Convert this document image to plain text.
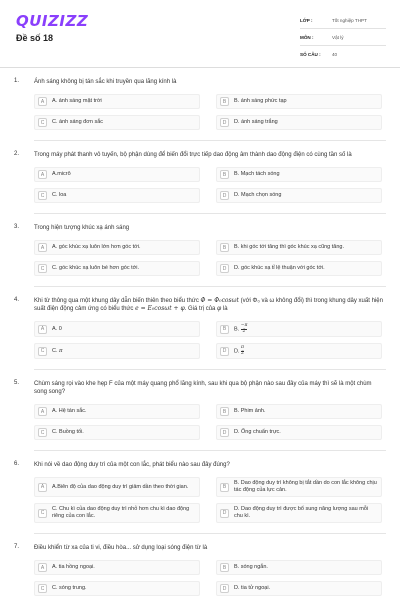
QUIZIZZ
Đề số 18
LỚP :	Tốt nghiệp THPT
MÔN :	Vật lý
SỐ CÂU :	40
1. Ánh sáng không bị tán sắc khi truyền qua lăng kính là
A	A. ánh sáng mặt trời	B	B. ánh sáng phức tạp
C	C. ánh sáng đơn sắc	D	D. ánh sáng trắng
2. Trong máy phát thanh vô tuyến, bộ phận dùng để biến đổi trực tiếp dao động âm thành dao động điện có cùng tần số là
A	A.micrô	B	B. Mạch tách sóng
C	C. loa	D	D. Mạch chọn sóng
3. Trong hiện tượng khúc xạ ánh sáng
A	A. góc khúc xạ luôn lớn hơn góc tới.	B	B. khi góc tới tăng thì góc khúc xạ cũng tăng.
C	C. góc khúc xạ luôn bé hơn góc tới.	D	D. góc khúc xạ tỉ lệ thuận với góc tới.
4. Khi từ thông qua một khung dây dẫn biến thiên theo biểu thức Φ = Φ₀cosωt (với Φ₀ và ω không đổi) thì trong khung dây xuất hiện suất điện động cảm ứng có biểu thức e = E₀cosωt + φ. Giá trị của φ là
A	A. 0	B	B. $\frac{-\pi}{2}$
C	C. π	D	D. $\frac{\pi}{2}$
5. Chùm sáng rọi vào khe hẹp F của một máy quang phổ lăng kính, sau khi qua bộ phận nào sau đây của máy thì sẽ là một chùm song song?
A	A. Hệ tán sắc.	B	B. Phim ảnh.
C	C. Buồng tối.	D	D. Ống chuẩn trực.
6. Khi nói về dao động duy trì của một con lắc, phát biểu nào sau đây đúng?
A	A.Biên độ của dao động duy trì giảm dần theo thời gian.	B
B. Dao động duy trì không bị tắt dần do con lắc không chịu tác động của lực cản.
C
C. Chu kì của dao động duy trì nhỏ hơn chu kì dao động riêng của con lắc.	D
D. Dao động duy trì được bổ sung năng lượng sau mỗi chu kì.
7. Điều khiển từ xa của ti vi, điều hòa... sử dụng loại sóng điện từ là
A	A. tia hồng ngoại.	B	B. sóng ngắn.
C	C. sóng trung.	D	D. tia tử ngoại.
